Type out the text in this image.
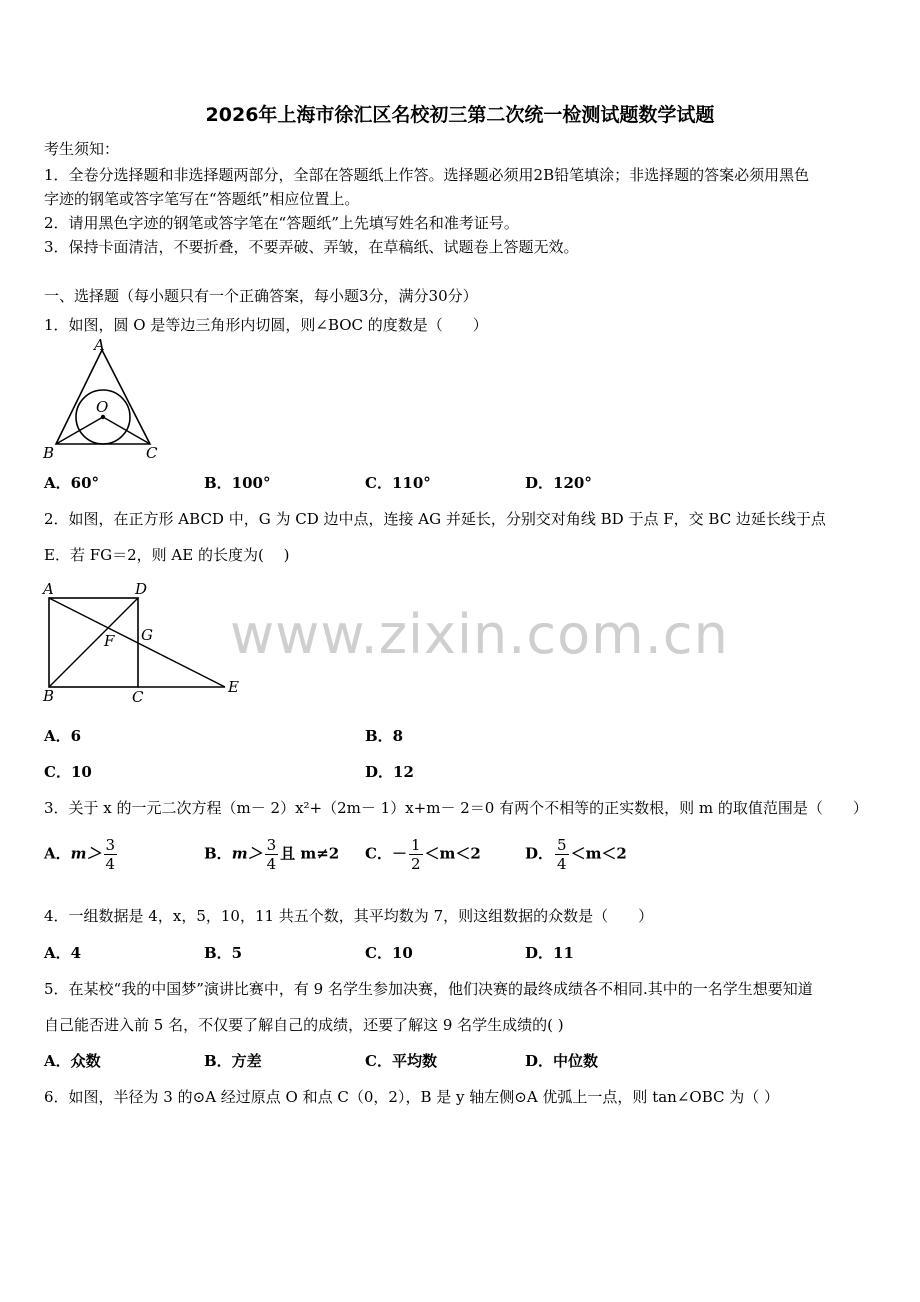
2026年上海市徐汇区名校初三第二次统一检测试题数学试题
考生须知：
1．全卷分选择题和非选择题两部分，全部在答题纸上作答。选择题必须用2B铅笔填涂；非选择题的答案必须用黑色
字迹的钢笔或答字笔写在“答题纸”相应位置上。
2．请用黑色字迹的钢笔或答字笔在“答题纸”上先填写姓名和准考证号。
3．保持卡面清洁，不要折叠，不要弄破、弄皱，在草稿纸、试题卷上答题无效。
一、选择题（每小题只有一个正确答案，每小题3分，满分30分）
1．如图，圆 O 是等边三角形内切圆，则∠BOC 的度数是（　　）
A
O
B	C
A．60°	B．100°	C．110°	D．120°
2．如图，在正方形 ABCD 中，G 为 CD 边中点，连接 AG 并延长，分别交对角线 BD 于点 F，交 BC 边延长线于点
E．若 FG＝2，则 AE 的长度为(　 )
A	D
F G
B	C
E
A．6	B．8
C．10	D．12
3．关于 x 的一元二次方程（m－ 2）x²+（2m－ 1）x+m－ 2＝0 有两个不相等的正实数根，则 m 的取值范围是（　　）
A．$m> \frac{3}{4}$	B．$m> \frac{3}{4}$ 且 m≠2 C．－ $\frac{1}{2} <m<2$	D． $\frac{5}{4} <m<2$
4．一组数据是 4，x，5，10，11 共五个数，其平均数为 7，则这组数据的众数是（　　）
A．4	B．5	C．10	D．11
5．在某校“我的中国梦”演讲比赛中，有 9 名学生参加决赛，他们决赛的最终成绩各不相同.其中的一名学生想要知道
自己能否进入前 5 名，不仅要了解自己的成绩，还要了解这 9 名学生成绩的( )
A．众数	B．方差	C．平均数	D．中位数
6．如图，半径为 3 的⊙A 经过原点 O 和点 C（0，2），B 是 y 轴左侧⊙A 优弧上一点，则 tan∠OBC 为（ ）
www.zixin.com.cn
